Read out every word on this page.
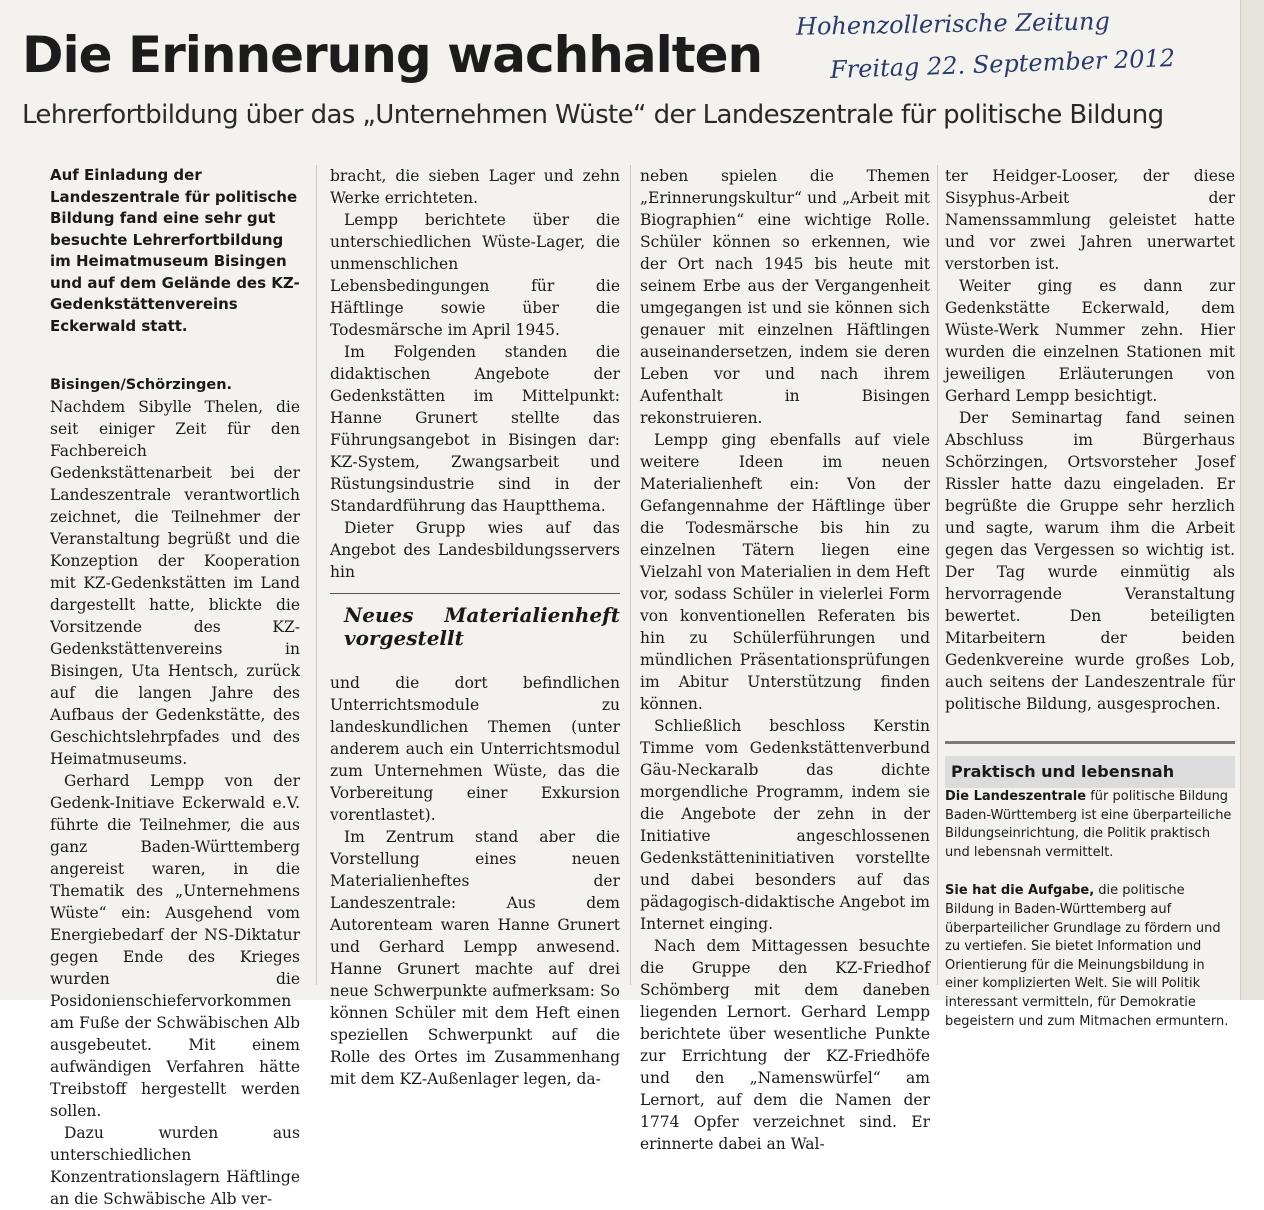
Die Erinnerung wachhalten
Lehrerfortbildung über das „Unternehmen Wüste“ der Landeszentrale für politische Bildung
Hohenzollerische Zeitung
Freitag 22. September 2012

Auf Einladung der Landeszentrale für politische Bildung fand eine sehr gut besuchte Lehrerfortbildung im Heimatmuseum Bisingen und auf dem Gelände des KZ-Gedenkstättenvereins Eckerwald statt.

Bisingen/Schörzingen. Nachdem Sibylle Thelen, die seit einiger Zeit für den Fachbereich Gedenkstättenarbeit bei der Landeszentrale verantwortlich zeichnet, die Teilnehmer der Veranstaltung begrüßt und die Konzeption der Kooperation mit KZ-Gedenkstätten im Land dargestellt hatte, blickte die Vorsitzende des KZ-Gedenkstättenvereins in Bisingen, Uta Hentsch, zurück auf die langen Jahre des Aufbaus der Gedenkstätte, des Geschichtslehrpfades und des Heimatmuseums.

Gerhard Lempp von der Gedenk-Initiave Eckerwald e.V. führte die Teilnehmer, die aus ganz Baden-Württemberg angereist waren, in die Thematik des „Unternehmens Wüste“ ein: Ausgehend vom Energiebedarf der NS-Diktatur gegen Ende des Krieges wurden die Posidonienschiefervorkommen am Fuße der Schwäbischen Alb ausgebeutet. Mit einem aufwändigen Verfahren hätte Treibstoff hergestellt werden sollen.

Dazu wurden aus unterschiedlichen Konzentrationslagern Häftlinge an die Schwäbische Alb ver-

bracht, die sieben Lager und zehn Werke errichteten.

Lempp berichtete über die unterschiedlichen Wüste-Lager, die unmenschlichen Lebensbedingungen für die Häftlinge sowie über die Todesmärsche im April 1945.

Im Folgenden standen die didaktischen Angebote der Gedenkstätten im Mittelpunkt: Hanne Grunert stellte das Führungsangebot in Bisingen dar: KZ-System, Zwangsarbeit und Rüstungsindustrie sind in der Standardführung das Hauptthema.

Dieter Grupp wies auf das Angebot des Landesbildungsservers hin

Neues Materialienheft vorgestellt

und die dort befindlichen Unterrichtsmodule zu landeskundlichen Themen (unter anderem auch ein Unterrichtsmodul zum Unternehmen Wüste, das die Vorbereitung einer Exkursion vorentlastet).

Im Zentrum stand aber die Vorstellung eines neuen Materialienheftes der Landeszentrale: Aus dem Autorenteam waren Hanne Grunert und Gerhard Lempp anwesend. Hanne Grunert machte auf drei neue Schwerpunkte aufmerksam: So können Schüler mit dem Heft einen speziellen Schwerpunkt auf die Rolle des Ortes im Zusammenhang mit dem KZ-Außenlager legen, da-

neben spielen die Themen „Erinnerungskultur“ und „Arbeit mit Biographien“ eine wichtige Rolle. Schüler können so erkennen, wie der Ort nach 1945 bis heute mit seinem Erbe aus der Vergangenheit umgegangen ist und sie können sich genauer mit einzelnen Häftlingen auseinandersetzen, indem sie deren Leben vor und nach ihrem Aufenthalt in Bisingen rekonstruieren.

Lempp ging ebenfalls auf viele weitere Ideen im neuen Materialienheft ein: Von der Gefangennahme der Häftlinge über die Todesmärsche bis hin zu einzelnen Tätern liegen eine Vielzahl von Materialien in dem Heft vor, sodass Schüler in vielerlei Form von konventionellen Referaten bis hin zu Schülerführungen und mündlichen Präsentationsprüfungen im Abitur Unterstützung finden können.

Schließlich beschloss Kerstin Timme vom Gedenkstättenverbund Gäu-Neckaralb das dichte morgendliche Programm, indem sie die Angebote der zehn in der Initiative angeschlossenen Gedenkstätteninitiativen vorstellte und dabei besonders auf das pädagogisch-didaktische Angebot im Internet einging.

Nach dem Mittagessen besuchte die Gruppe den KZ-Friedhof Schömberg mit dem daneben liegenden Lernort. Gerhard Lempp berichtete über wesentliche Punkte zur Errichtung der KZ-Friedhöfe und den „Namenswürfel“ am Lernort, auf dem die Namen der 1774 Opfer verzeichnet sind. Er erinnerte dabei an Wal-

ter Heidger-Looser, der diese Sisyphus-Arbeit der Namenssammlung geleistet hatte und vor zwei Jahren unerwartet verstorben ist.

Weiter ging es dann zur Gedenkstätte Eckerwald, dem Wüste-Werk Nummer zehn. Hier wurden die einzelnen Stationen mit jeweiligen Erläuterungen von Gerhard Lempp besichtigt.

Der Seminartag fand seinen Abschluss im Bürgerhaus Schörzingen, Ortsvorsteher Josef Rissler hatte dazu eingeladen. Er begrüßte die Gruppe sehr herzlich und sagte, warum ihm die Arbeit gegen das Vergessen so wichtig ist. Der Tag wurde einmütig als hervorragende Veranstaltung bewertet. Den beteiligten Mitarbeitern der beiden Gedenkvereine wurde großes Lob, auch seitens der Landeszentrale für politische Bildung, ausgesprochen.

Praktisch und lebensnah

Die Landeszentrale für politische Bildung Baden-Württemberg ist eine überparteiliche Bildungseinrichtung, die Politik praktisch und lebensnah vermittelt.

Sie hat die Aufgabe, die politische Bildung in Baden-Württemberg auf überparteilicher Grundlage zu fördern und zu vertiefen. Sie bietet Information und Orientierung für die Meinungsbildung in einer komplizierten Welt. Sie will Politik interessant vermitteln, für Demokratie begeistern und zum Mitmachen ermuntern.
